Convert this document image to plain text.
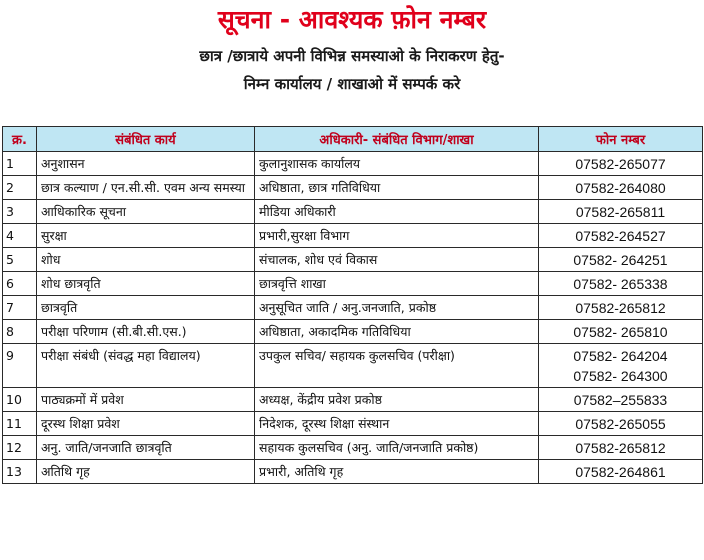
सूचना - आवश्यक फ़ोन नम्बर
छात्र /छात्राये अपनी विभिन्न समस्याओ के निराकरण हेतु-
निम्न कार्यालय / शाखाओ में सम्पर्क करे
क्र.	संबंधित कार्य	अधिकारी- संबंधित विभाग/शाखा	फोन नम्बर
1	अनुशासन	कुलानुशासक कार्यालय	07582-265077

2	छात्र कल्याण / एन.सी.सी. एवम अन्य समस्या	अधिष्ठाता, छात्र गतिविधिया	07582-264080

3	आधिकारिक सूचना	मीडिया अधिकारी	07582-265811

4	सुरक्षा	प्रभारी,सुरक्षा विभाग	07582-264527

5	शोध	संचालक, शोध एवं विकास	07582- 264251

6	शोध छात्रवृति	छात्रवृत्ति शाखा	07582- 265338

7	छात्रवृति	अनुसूचित जाति / अनु.जनजाति, प्रकोष्ठ	07582-265812

8	परीक्षा परिणाम (सी.बी.सी.एस.)	अधिष्ठाता, अकादमिक गतिविधिया	07582- 265810

9	परीक्षा संबंधी (संवद्ध महा विद्यालय)	उपकुल सचिव/ सहायक कुलसचिव (परीक्षा)	07582- 264204
07582- 264300

10	पाठ्यक्रमों में प्रवेश	अध्यक्ष, केंद्रीय प्रवेश प्रकोष्ठ	07582–255833

11	दूरस्थ शिक्षा प्रवेश	निदेशक, दूरस्थ शिक्षा संस्थान	07582-265055

12	अनु. जाति/जनजाति छात्रवृति	सहायक कुलसचिव (अनु. जाति/जनजाति प्रकोष्ठ)	07582-265812

13	अतिथि गृह	प्रभारी, अतिथि गृह	07582-264861
